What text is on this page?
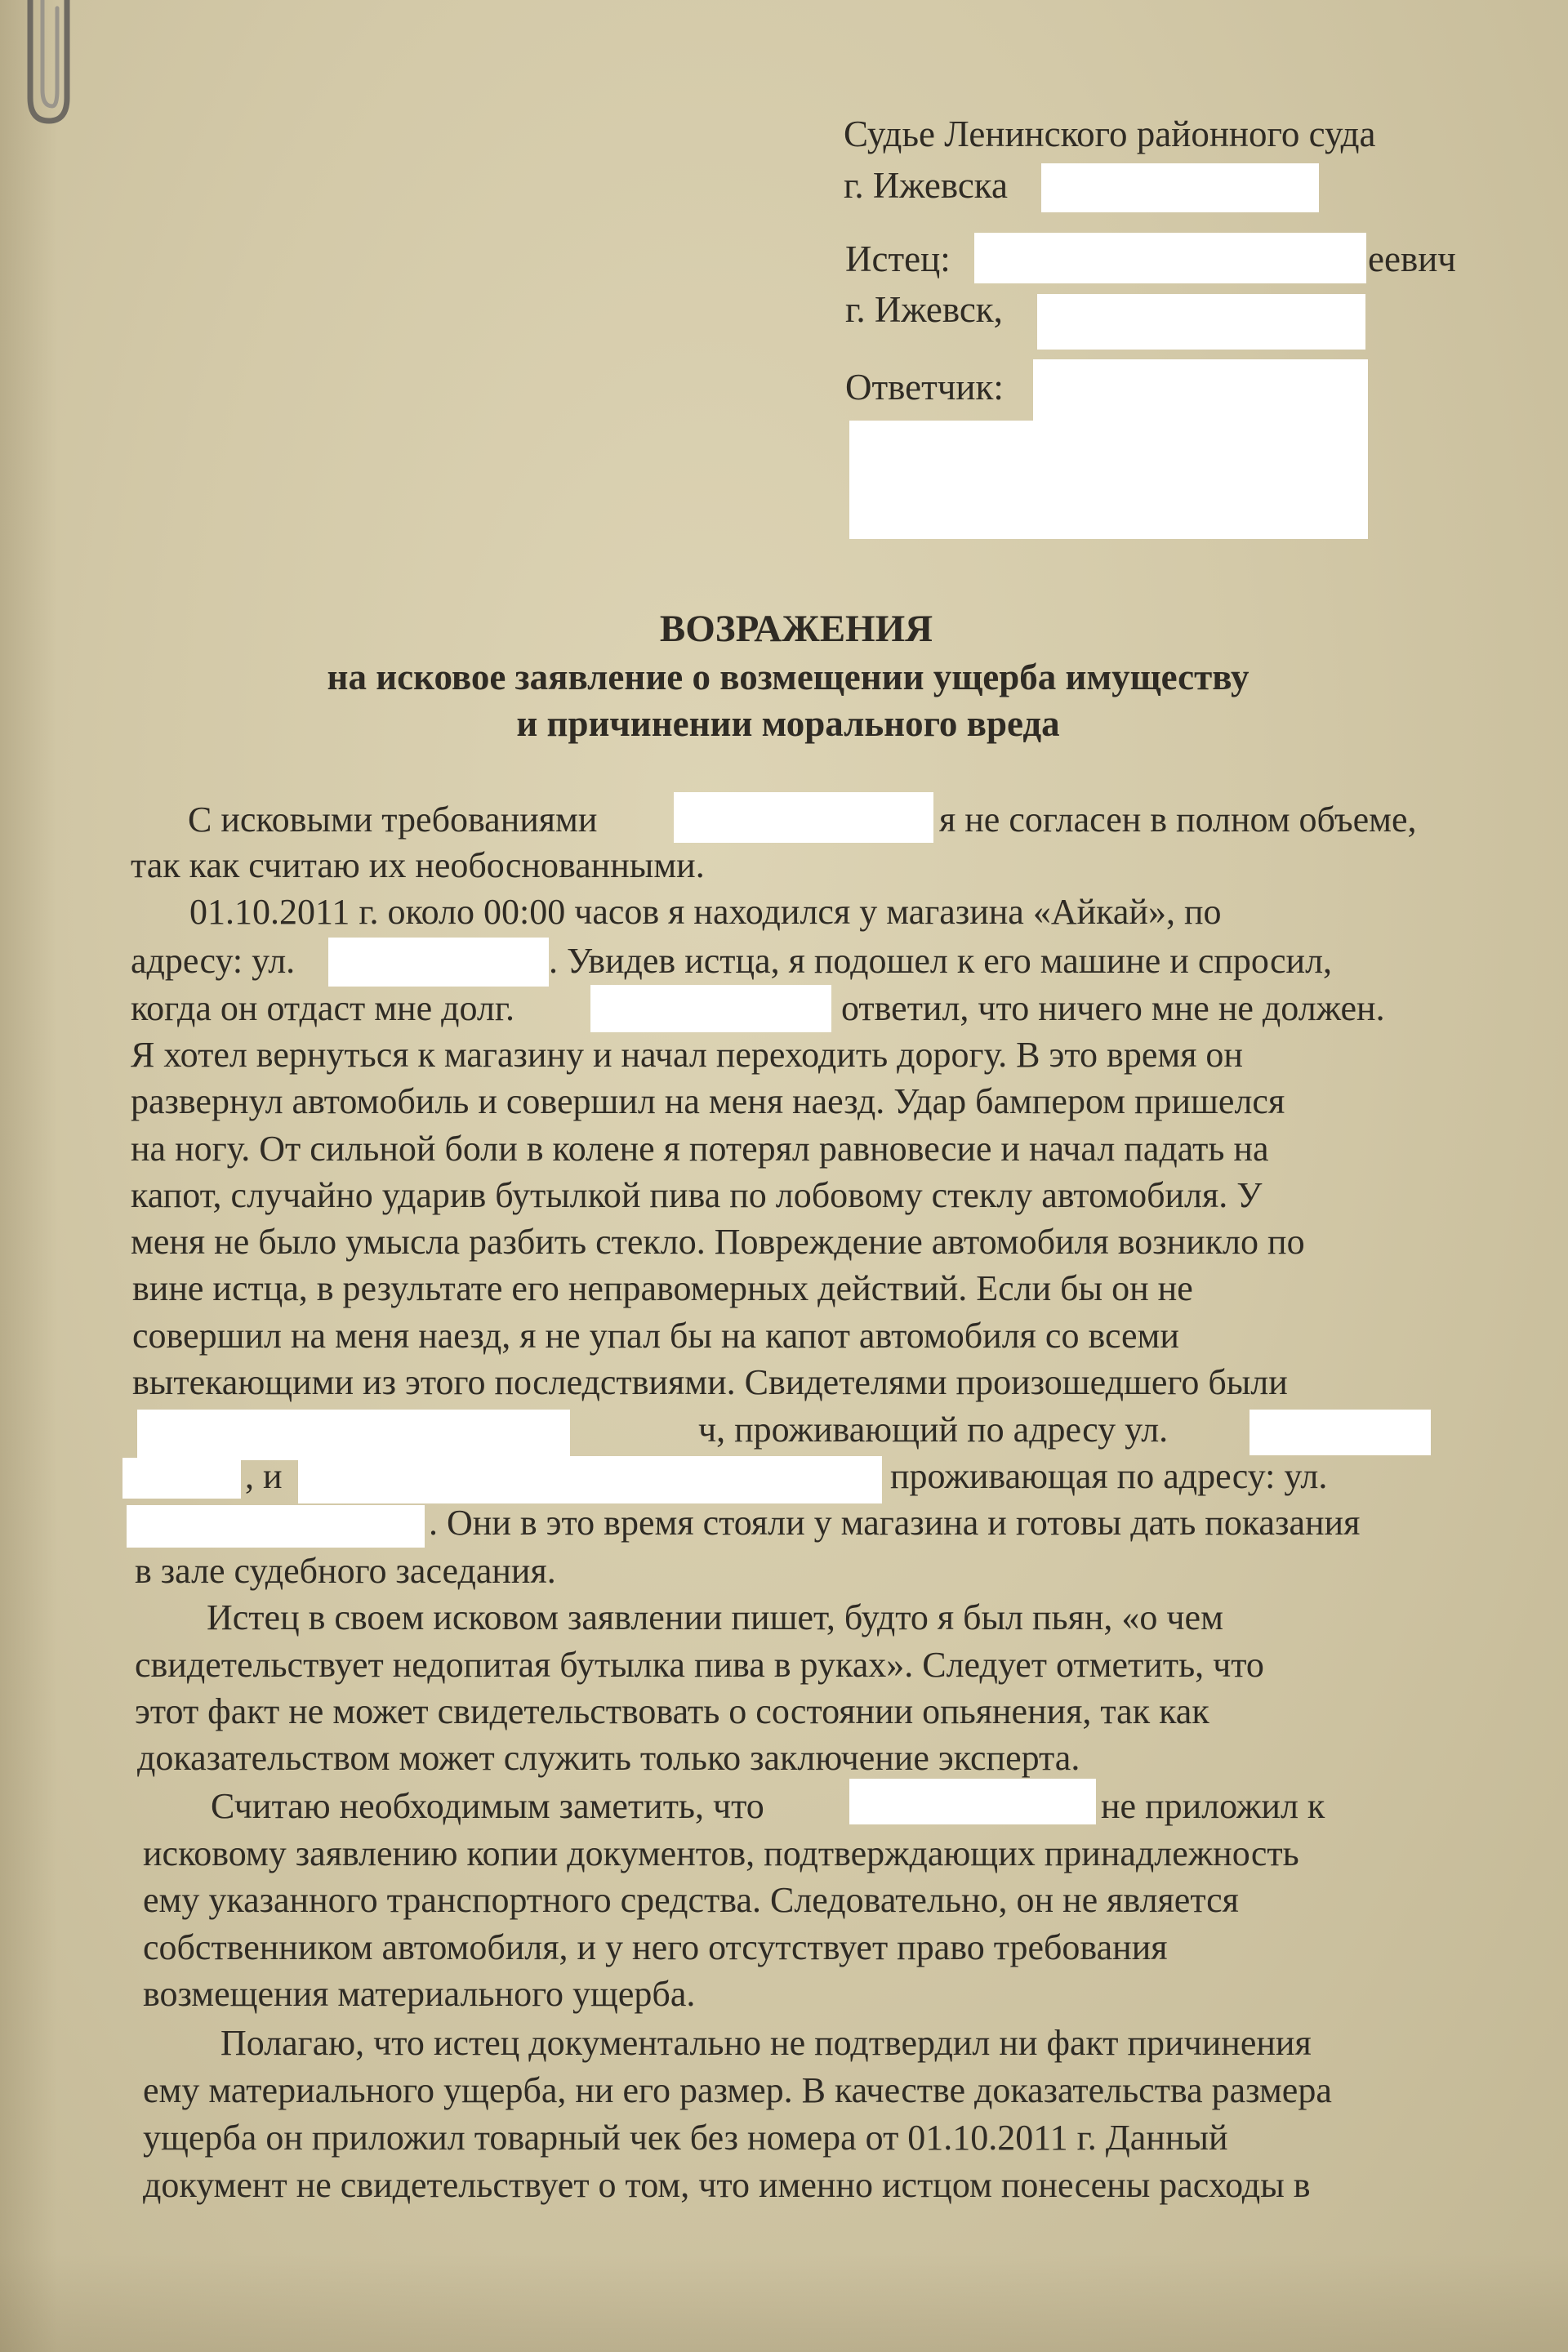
Судье Ленинского районного суда
г. Ижевска
Истец:	еевич
г. Ижевск,
Ответчик:
ВОЗРАЖЕНИЯ
на исковое заявление о возмещении ущерба имуществу
и причинении морального вреда
С исковыми требованиями	я не согласен в полном объеме,
так как считаю их необоснованными.
01.10.2011 г. около 00:00 часов я находился у магазина «Айкай», по
адресу: ул.	. Увидев истца, я подошел к его машине и спросил,
когда он отдаст мне долг.	ответил, что ничего мне не должен.
Я хотел вернуться к магазину и начал переходить дорогу. В это время он
развернул автомобиль и совершил на меня наезд. Удар бампером пришелся
на ногу. От сильной боли в колене я потерял равновесие и начал падать на
капот, случайно ударив бутылкой пива по лобовому стеклу автомобиля. У
меня не было умысла разбить стекло. Повреждение автомобиля возникло по
вине истца, в результате его неправомерных действий. Если бы он не
совершил на меня наезд, я не упал бы на капот автомобиля со всеми
вытекающими из этого последствиями. Свидетелями произошедшего были
ч, проживающий по адресу ул.
, и	проживающая по адресу: ул.
. Они в это время стояли у магазина и готовы дать показания
в зале судебного заседания.
Истец в своем исковом заявлении пишет, будто я был пьян, «о чем
свидетельствует недопитая бутылка пива в руках». Следует отметить, что
этот факт не может свидетельствовать о состоянии опьянения, так как
доказательством может служить только заключение эксперта.
Считаю необходимым заметить, что	не приложил к
исковому заявлению копии документов, подтверждающих принадлежность
ему указанного транспортного средства. Следовательно, он не является
собственником автомобиля, и у него отсутствует право требования
возмещения материального ущерба.
Полагаю, что истец документально не подтвердил ни факт причинения
ему материального ущерба, ни его размер. В качестве доказательства размера
ущерба он приложил товарный чек без номера от 01.10.2011 г. Данный
документ не свидетельствует о том, что именно истцом понесены расходы в
